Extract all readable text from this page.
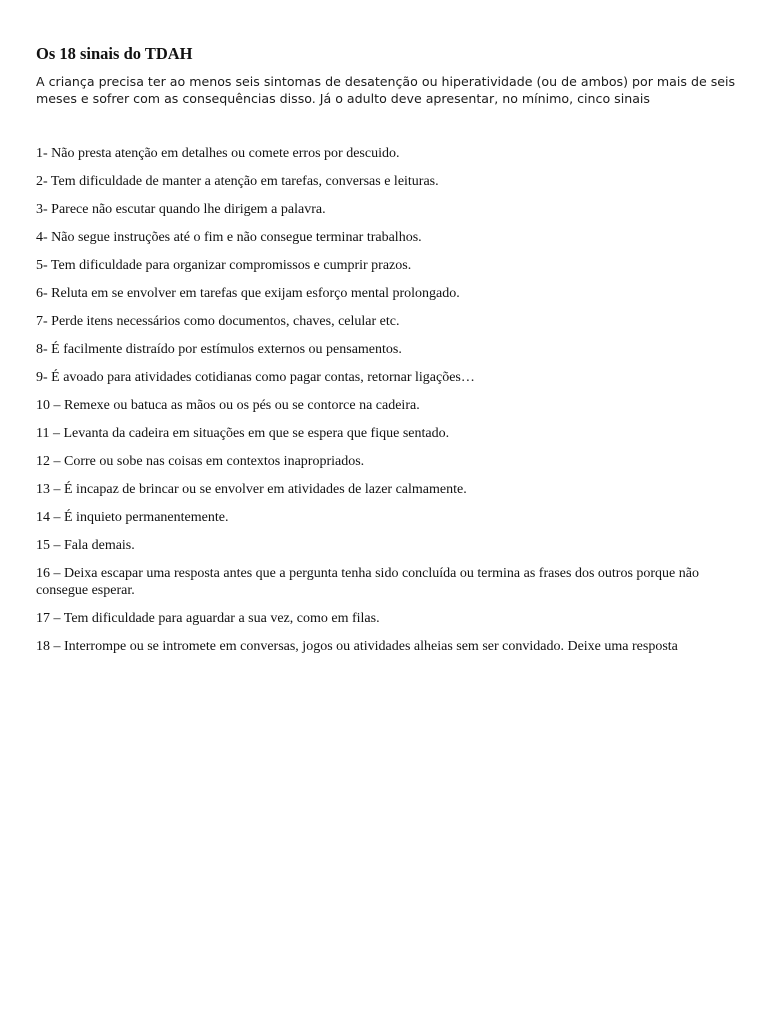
Os 18 sinais do TDAH

A criança precisa ter ao menos seis sintomas de desatenção ou hiperatividade (ou de ambos) por mais de seis meses e sofrer com as consequências disso. Já o adulto deve apresentar, no mínimo, cinco sinais

1- Não presta atenção em detalhes ou comete erros por descuido.
2- Tem dificuldade de manter a atenção em tarefas, conversas e leituras.
3- Parece não escutar quando lhe dirigem a palavra.
4- Não segue instruções até o fim e não consegue terminar trabalhos.
5- Tem dificuldade para organizar compromissos e cumprir prazos.
6- Reluta em se envolver em tarefas que exijam esforço mental prolongado.
7- Perde itens necessários como documentos, chaves, celular etc.
8- É facilmente distraído por estímulos externos ou pensamentos.
9- É avoado para atividades cotidianas como pagar contas, retornar ligações…
10 – Remexe ou batuca as mãos ou os pés ou se contorce na cadeira.
11 – Levanta da cadeira em situações em que se espera que fique sentado.
12 – Corre ou sobe nas coisas em contextos inapropriados.
13 – É incapaz de brincar ou se envolver em atividades de lazer calmamente.
14 – É inquieto permanentemente.
15 – Fala demais.
16 – Deixa escapar uma resposta antes que a pergunta tenha sido concluída ou termina as frases dos outros porque não consegue esperar.
17 – Tem dificuldade para aguardar a sua vez, como em filas.
18 – Interrompe ou se intromete em conversas, jogos ou atividades alheias sem ser convidado. Deixe uma resposta
